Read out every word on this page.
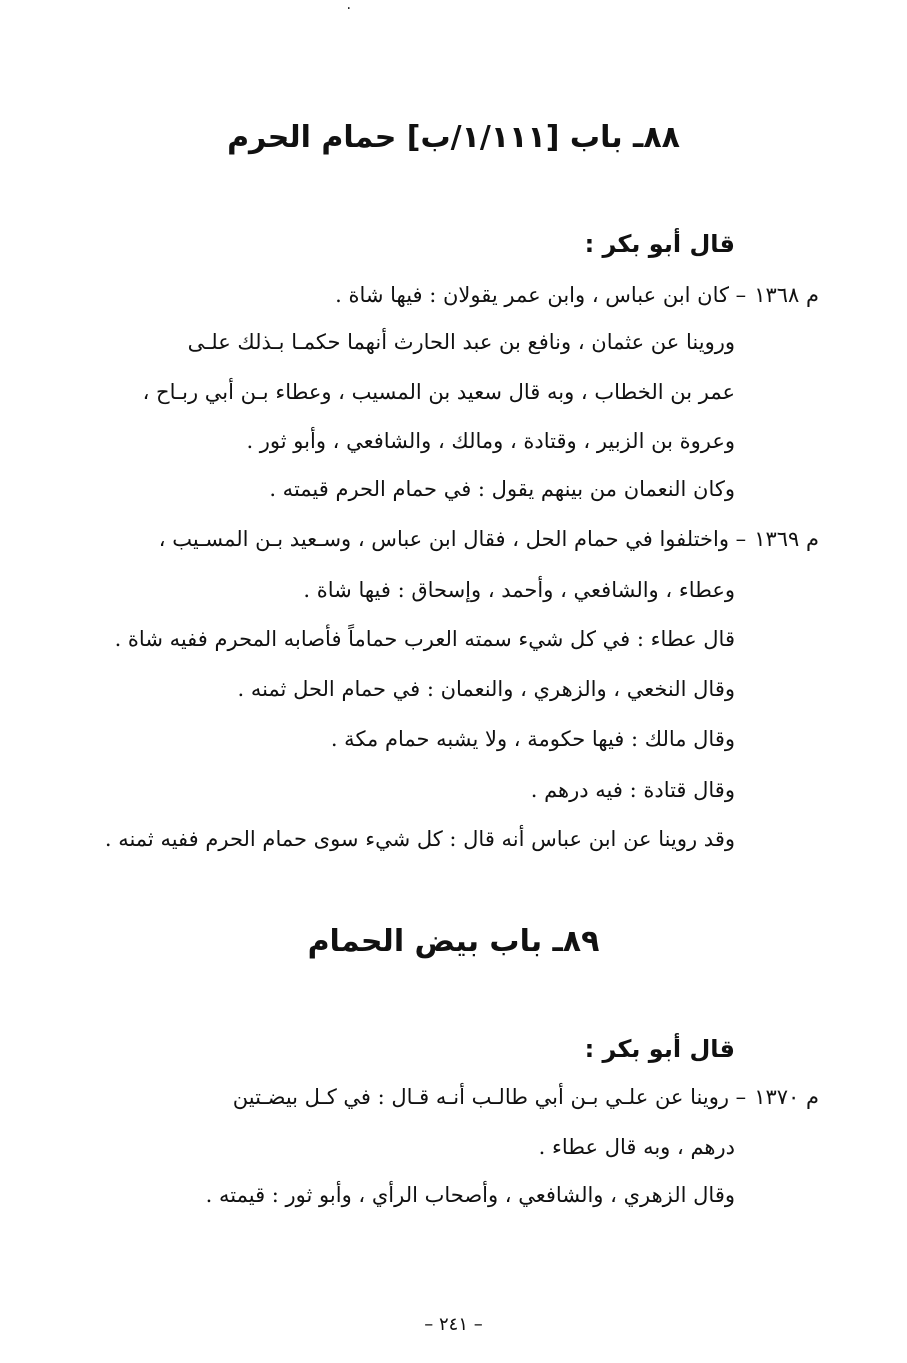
٠
٨٨ـ باب [١/١١١/ب] حمام الحرم
قال أبو بكر :
م ١٣٦٨– كان ابن عباس ، وابن عمر يقولان : فيها شاة .
وروينا عن عثمان ، ونافع بن عبد الحارث أنهما حكمـا بـذلك علـى
عمر بن الخطاب ، وبه قال سعيد بن المسيب ، وعطاء بـن أبي ربـاح ،
وعروة بن الزبير ، وقتادة ، ومالك ، والشافعي ، وأبو ثور .
وكان النعمان من بينهم يقول : في حمام الحرم قيمته .
م ١٣٦٩– واختلفوا في حمام الحل ، فقال ابن عباس ، وسـعيد بـن المسـيب ،
وعطاء ، والشافعي ، وأحمد ، وإسحاق : فيها شاة .
قال عطاء : في كل شيء سمته العرب حماماً فأصابه المحرم ففيه شاة .
وقال النخعي ، والزهري ، والنعمان : في حمام الحل ثمنه .
وقال مالك : فيها حكومة ، ولا يشبه حمام مكة .
وقال قتادة : فيه درهم .
وقد روينا عن ابن عباس أنه قال : كل شيء سوى حمام الحرم ففيه ثمنه .
٨٩ـ باب بيض الحمام
قال أبو بكر :
م ١٣٧٠– روينا عن علـي بـن أبي طالـب أنـه قـال : في كـل بيضـتين
درهم ، وبه قال عطاء .
وقال الزهري ، والشافعي ، وأصحاب الرأي ، وأبو ثور : قيمته .
– ٢٤١ –
